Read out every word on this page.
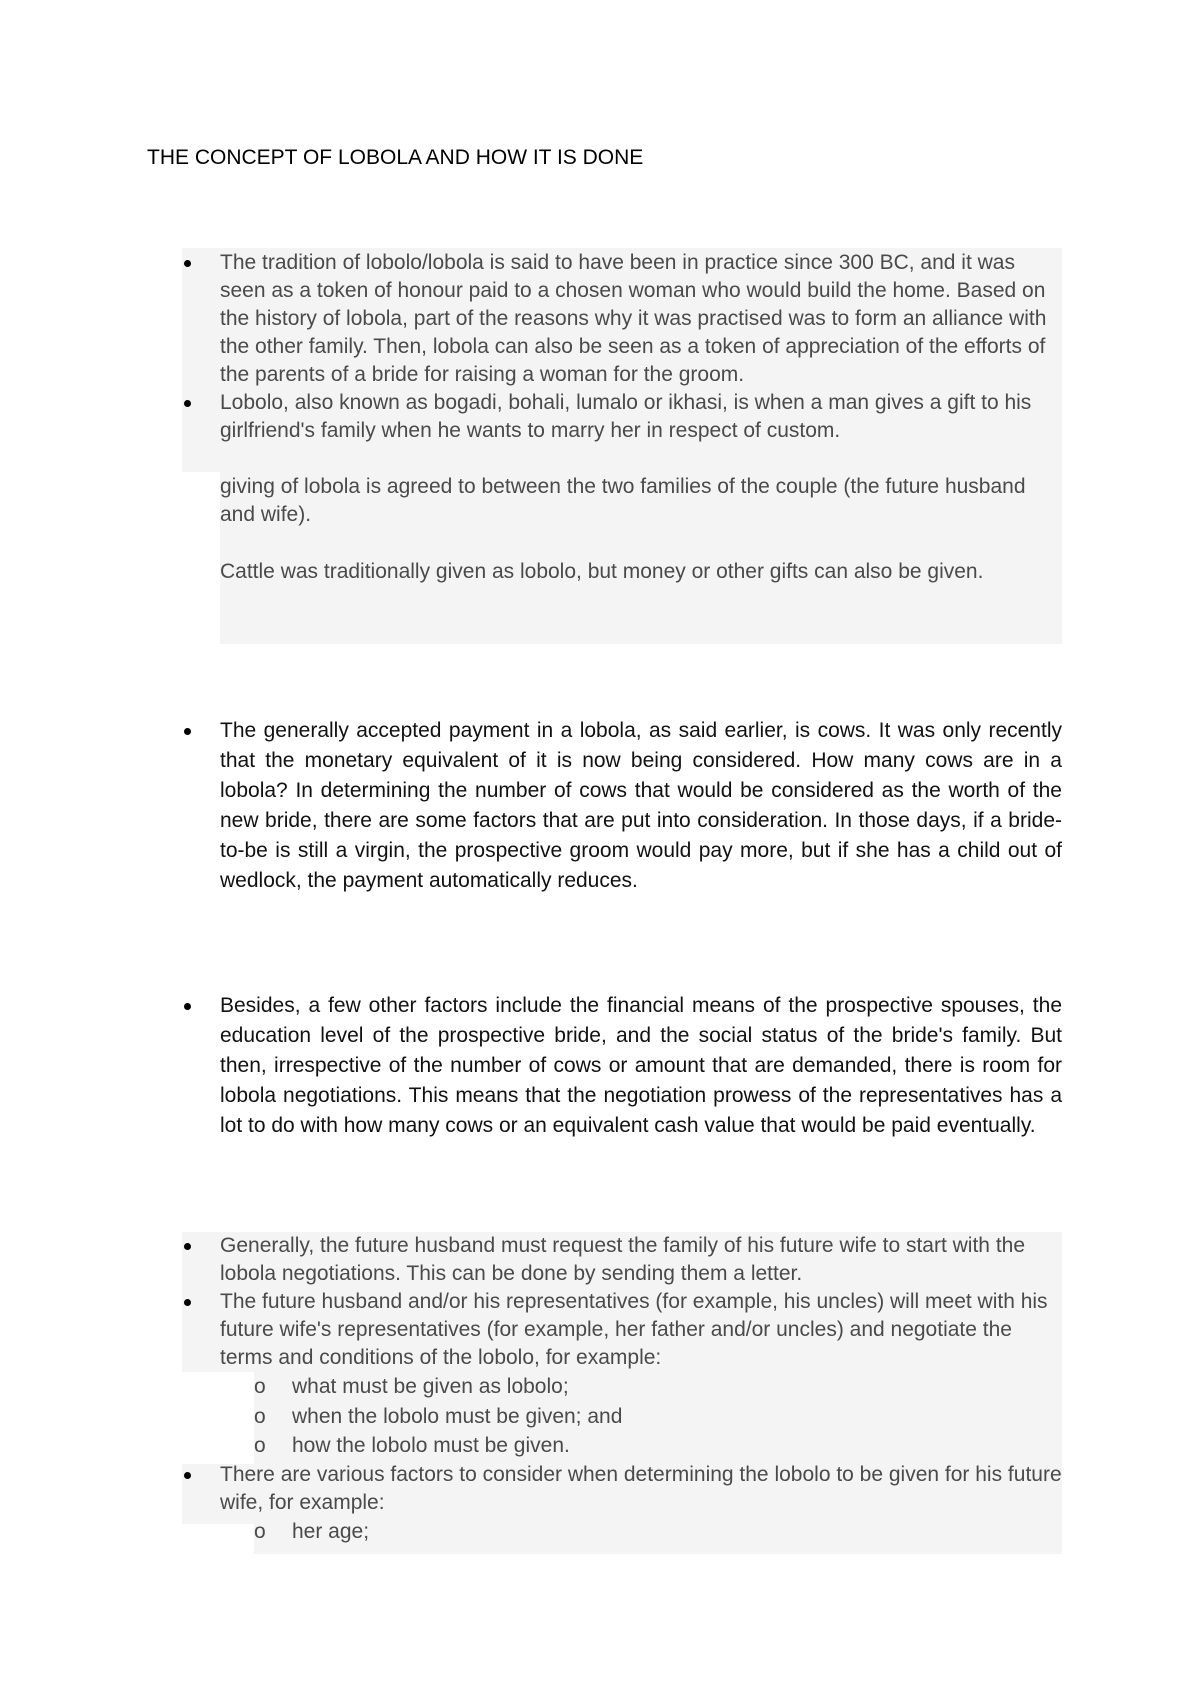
THE CONCEPT OF LOBOLA AND HOW IT IS DONE
The tradition of lobolo/lobola is said to have been in practice since 300 BC, and it was seen as a token of honour paid to a chosen woman who would build the home. Based on the history of lobola, part of the reasons why it was practised was to form an alliance with the other family. Then, lobola can also be seen as a token of appreciation of the efforts of the parents of a bride for raising a woman for the groom.
Lobolo, also known as bogadi, bohali, lumalo or ikhasi, is when a man gives a gift to his girlfriend's family when he wants to marry her in respect of custom.
giving of lobola is agreed to between the two families of the couple (the future husband and wife).
Cattle was traditionally given as lobolo, but money or other gifts can also be given.
The generally accepted payment in a lobola, as said earlier, is cows. It was only recently that the monetary equivalent of it is now being considered. How many cows are in a lobola? In determining the number of cows that would be considered as the worth of the new bride, there are some factors that are put into consideration. In those days, if a bride-to-be is still a virgin, the prospective groom would pay more, but if she has a child out of wedlock, the payment automatically reduces.
Besides, a few other factors include the financial means of the prospective spouses, the education level of the prospective bride, and the social status of the bride's family. But then, irrespective of the number of cows or amount that are demanded, there is room for lobola negotiations. This means that the negotiation prowess of the representatives has a lot to do with how many cows or an equivalent cash value that would be paid eventually.
Generally, the future husband must request the family of his future wife to start with the lobola negotiations. This can be done by sending them a letter.
The future husband and/or his representatives (for example, his uncles) will meet with his future wife's representatives (for example, her father and/or uncles) and negotiate the terms and conditions of the lobolo, for example:
o what must be given as lobolo;
o when the lobolo must be given; and
o how the lobolo must be given.
There are various factors to consider when determining the lobolo to be given for his future wife, for example:
o her age;
